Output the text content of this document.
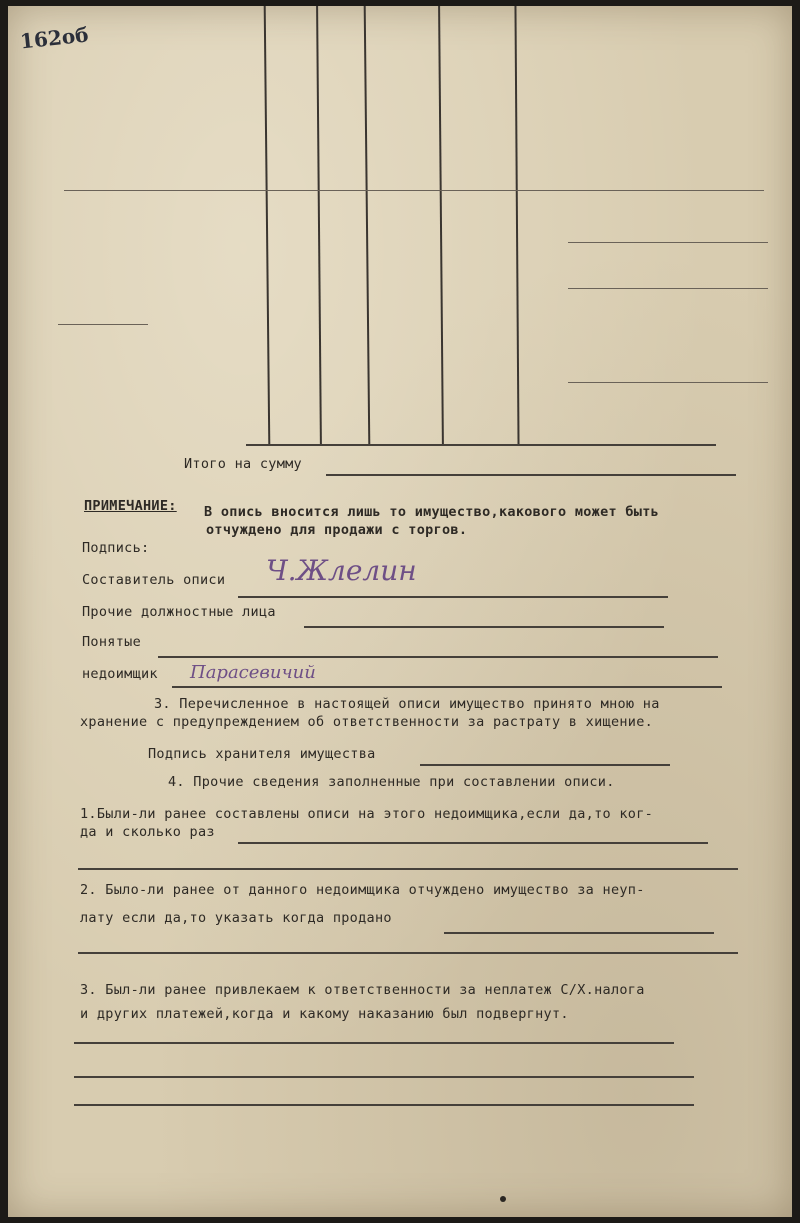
162об
Итого на сумму
ПРИМЕЧАНИЕ: В опись вносится лишь то имущество,какового может быть
отчуждено для продажи с торгов.
Подпись:
Составитель описи Ч.Жлелин
Прочие должностные лица
Понятые
недоимщик Парасевичий
3. Перечисленное в настоящей описи имущество принято мною на
хранение с предупреждением об ответственности за растрату в хищение.
Подпись хранителя имущества
4. Прочие сведения заполненные при составлении описи.
1.Были-ли ранее составлены описи на этого недоимщика,если да,то ког-
да и сколько раз
2. Было-ли ранее от данного недоимщика отчуждено имущество за неуп-
лату если да,то указать когда продано
3. Был-ли ранее привлекаем к ответственности за неплатеж С/Х.налога
и других платежей,когда и какому наказанию был подвергнут.
